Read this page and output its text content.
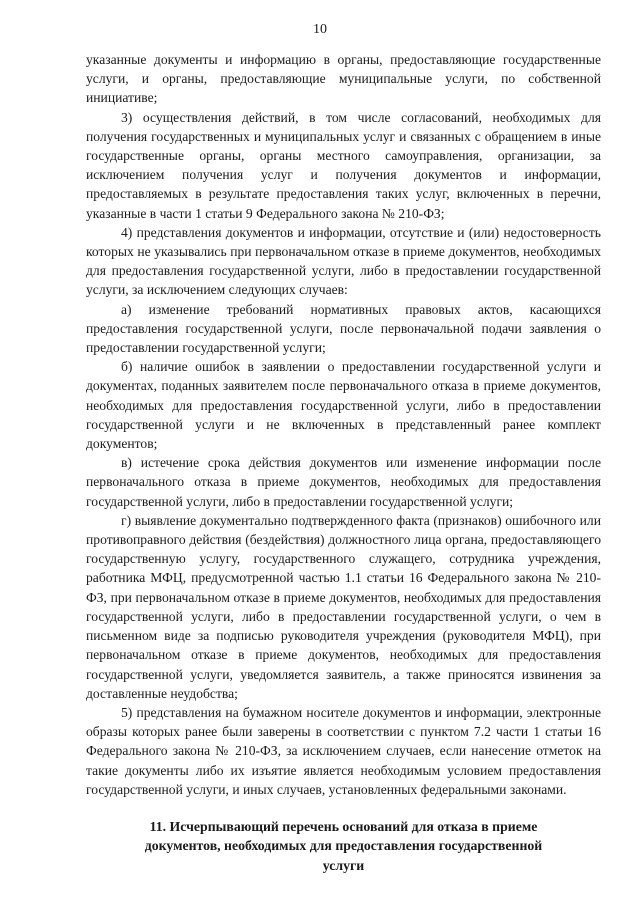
10

указанные документы и информацию в органы, предоставляющие государственные услуги, и органы, предоставляющие муниципальные услуги, по собственной инициативе;

3) осуществления действий, в том числе согласований, необходимых для получения государственных и муниципальных услуг и связанных с обращением в иные государственные органы, органы местного самоуправления, организации, за исключением получения услуг и получения документов и информации, предоставляемых в результате предоставления таких услуг, включенных в перечни, указанные в части 1 статьи 9 Федерального закона № 210-ФЗ;

4) представления документов и информации, отсутствие и (или) недостоверность которых не указывались при первоначальном отказе в приеме документов, необходимых для предоставления государственной услуги, либо в предоставлении государственной услуги, за исключением следующих случаев:

а) изменение требований нормативных правовых актов, касающихся предоставления государственной услуги, после первоначальной подачи заявления о предоставлении государственной услуги;

б) наличие ошибок в заявлении о предоставлении государственной услуги и документах, поданных заявителем после первоначального отказа в приеме документов, необходимых для предоставления государственной услуги, либо в предоставлении государственной услуги и не включенных в представленный ранее комплект документов;

в) истечение срока действия документов или изменение информации после первоначального отказа в приеме документов, необходимых для предоставления государственной услуги, либо в предоставлении государственной услуги;

г) выявление документально подтвержденного факта (признаков) ошибочного или противоправного действия (бездействия) должностного лица органа, предоставляющего государственную услугу, государственного служащего, сотрудника учреждения, работника МФЦ, предусмотренной частью 1.1 статьи 16 Федерального закона № 210-ФЗ, при первоначальном отказе в приеме документов, необходимых для предоставления государственной услуги, либо в предоставлении государственной услуги, о чем в письменном виде за подписью руководителя учреждения (руководителя МФЦ), при первоначальном отказе в приеме документов, необходимых для предоставления государственной услуги, уведомляется заявитель, а также приносятся извинения за доставленные неудобства;

5) представления на бумажном носителе документов и информации, электронные образы которых ранее были заверены в соответствии с пунктом 7.2 части 1 статьи 16 Федерального закона № 210-ФЗ, за исключением случаев, если нанесение отметок на такие документы либо их изъятие является необходимым условием предоставления государственной услуги, и иных случаев, установленных федеральными законами.

11. Исчерпывающий перечень оснований для отказа в приеме документов, необходимых для предоставления государственной услуги
